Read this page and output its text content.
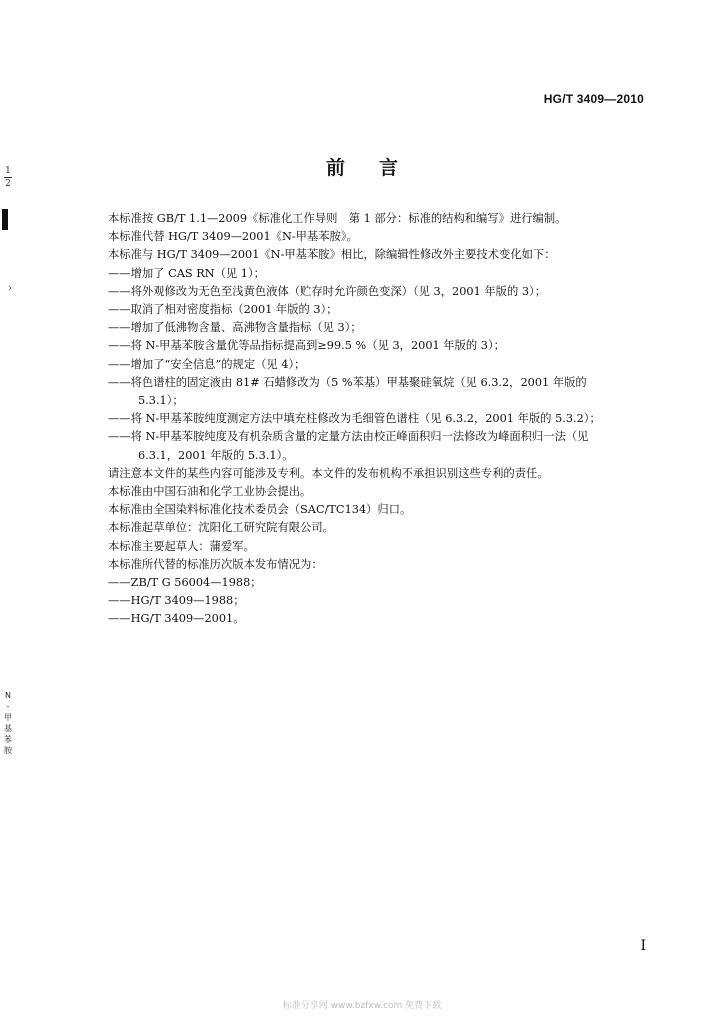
HG/T 3409—2010
1
2
›
前言

本标准按 GB/T 1.1—2009《标准化工作导则　第 1 部分：标准的结构和编写》进行编制。

本标准代替 HG/T 3409—2001《N-甲基苯胺》。

本标准与 HG/T 3409—2001《N-甲基苯胺》相比，除编辑性修改外主要技术变化如下：

——增加了 CAS RN（见 1）；

——将外观修改为无色至浅黄色液体（贮存时允许颜色变深）（见 3，2001 年版的 3）；

——取消了相对密度指标（2001 年版的 3）；

——增加了低沸物含量、高沸物含量指标（见 3）；

——将 N-甲基苯胺含量优等品指标提高到≥99.5 %（见 3，2001 年版的 3）；

——增加了“安全信息”的规定（见 4）；

——将色谱柱的固定液由 81# 石蜡修改为（5 %苯基）甲基聚硅氧烷（见 6.3.2，2001 年版的

5.3.1）；

——将 N-甲基苯胺纯度测定方法中填充柱修改为毛细管色谱柱（见 6.3.2，2001 年版的 5.3.2）；

——将 N-甲基苯胺纯度及有机杂质含量的定量方法由校正峰面积归一法修改为峰面积归一法（见

6.3.1，2001 年版的 5.3.1）。

请注意本文件的某些内容可能涉及专利。本文件的发布机构不承担识别这些专利的责任。

本标准由中国石油和化学工业协会提出。

本标准由全国染料标准化技术委员会（SAC/TC134）归口。

本标准起草单位：沈阳化工研究院有限公司。

本标准主要起草人：蒲爱军。

本标准所代替的标准历次版本发布情况为：

——ZB/T G 56004—1988；

——HG/T 3409—1988；

——HG/T 3409—2001。

N
-
甲
基
苯
胺
I
标准分享网 www.bzfxw.com 免费下载
